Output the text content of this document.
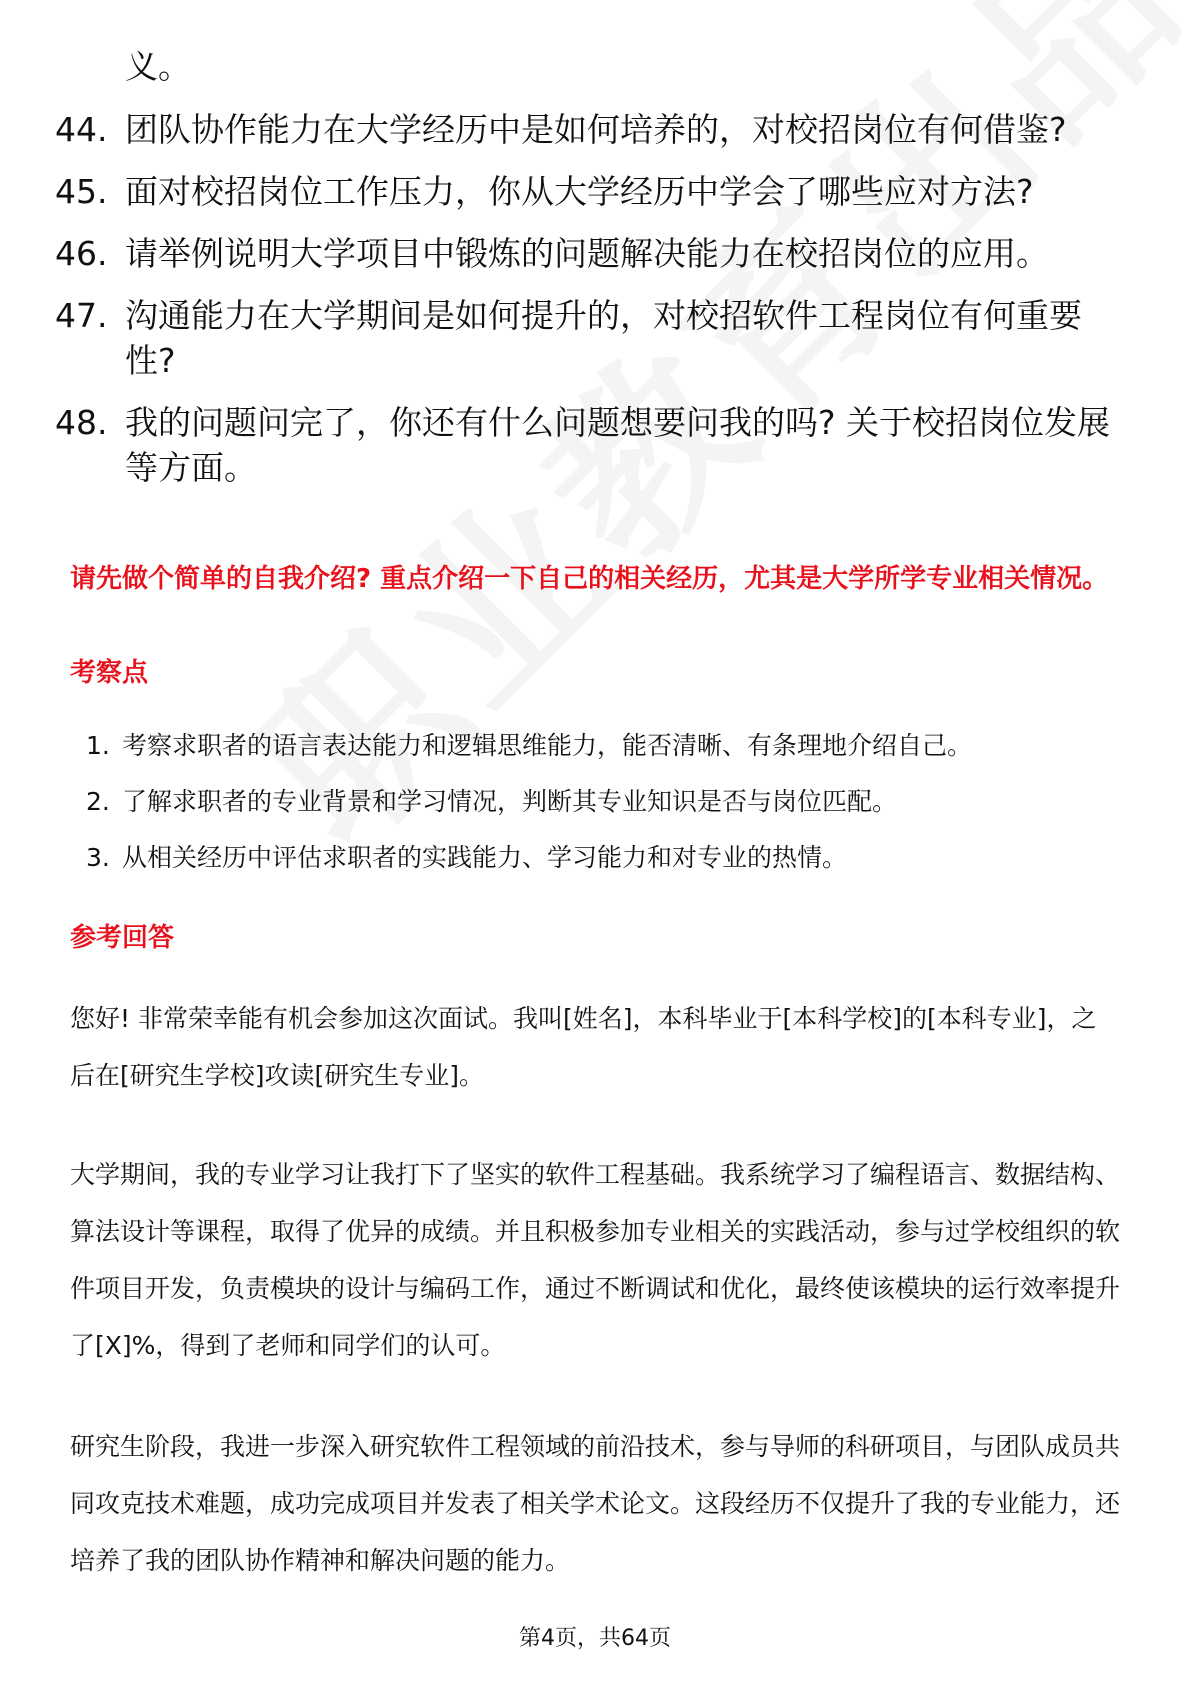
义。
44. 团队协作能力在大学经历中是如何培养的，对校招岗位有何借鉴?
45. 面对校招岗位工作压力，你从大学经历中学会了哪些应对方法?
46. 请举例说明大学项目中锻炼的问题解决能力在校招岗位的应用。
47. 沟通能力在大学期间是如何提升的，对校招软件工程岗位有何重要性?
48. 我的问题问完了，你还有什么问题想要问我的吗? 关于校招岗位发展等方面。
请先做个简单的自我介绍? 重点介绍一下自己的相关经历，尤其是大学所学专业相关情况。
考察点
1. 考察求职者的语言表达能力和逻辑思维能力，能否清晰、有条理地介绍自己。
2. 了解求职者的专业背景和学习情况，判断其专业知识是否与岗位匹配。
3. 从相关经历中评估求职者的实践能力、学习能力和对专业的热情。
参考回答
您好! 非常荣幸能有机会参加这次面试。我叫[姓名]，本科毕业于[本科学校]的[本科专业]，之后在[研究生学校]攻读[研究生专业]。
大学期间，我的专业学习让我打下了坚实的软件工程基础。我系统学习了编程语言、数据结构、算法设计等课程，取得了优异的成绩。并且积极参加专业相关的实践活动，参与过学校组织的软件项目开发，负责模块的设计与编码工作，通过不断调试和优化，最终使该模块的运行效率提升了[X]%，得到了老师和同学们的认可。
研究生阶段，我进一步深入研究软件工程领域的前沿技术，参与导师的科研项目，与团队成员共同攻克技术难题，成功完成项目并发表了相关学术论文。这段经历不仅提升了我的专业能力，还培养了我的团队协作精神和解决问题的能力。
第4页，共64页
